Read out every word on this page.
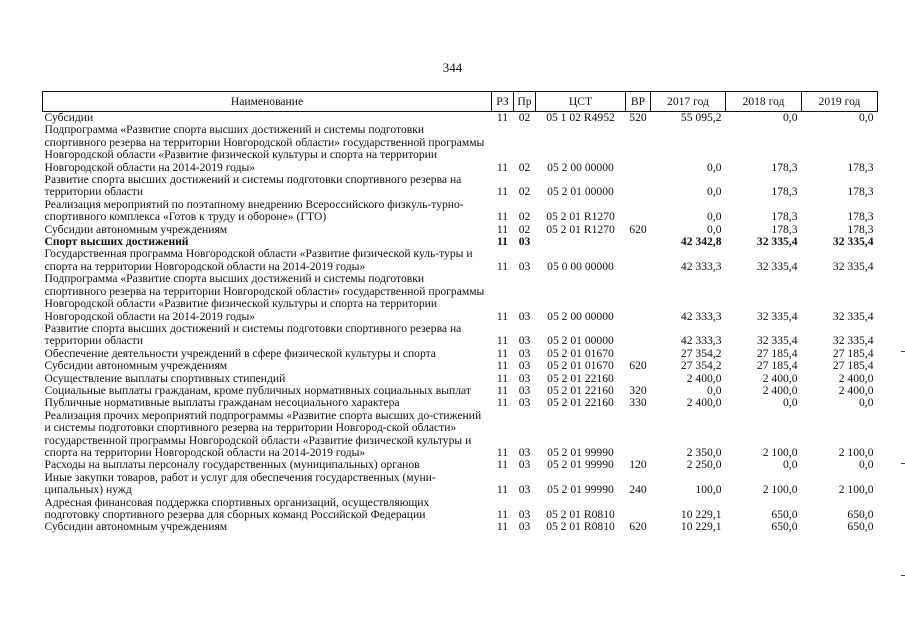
344
Наименование	РЗ	Пр	ЦСТ	ВР	2017 год	2018 год	2019 год
Субсидии	11	02	05 1 02 R4952	520	55 095,2	0,0	0,0
Подпрограмма «Развитие спорта высших достижений и системы подготовки спортивного резерва на территории Новгородской области» государственной программы Новгородской области «Развитие физической культуры и спорта на территории Новгородской области на 2014-2019 годы»	11	02	05 2 00 00000		0,0	178,3	178,3
Развитие спорта высших достижений и системы подготовки спортивного резерва на территории области	11	02	05 2 01 00000		0,0	178,3	178,3
Реализация мероприятий по поэтапному внедрению Всероссийского физкуль-турно-спортивного комплекса «Готов к труду и обороне» (ГТО)	11	02	05 2 01 R1270		0,0	178,3	178,3
Субсидии автономным учреждениям	11	02	05 2 01 R1270	620	0,0	178,3	178,3
Спорт высших достижений	11	03			42 342,8	32 335,4	32 335,4
Государственная программа Новгородской области «Развитие физической куль-туры и спорта на территории Новгородской области на 2014-2019 годы»	11	03	05 0 00 00000		42 333,3	32 335,4	32 335,4
Подпрограмма «Развитие спорта высших достижений и системы подготовки спортивного резерва на территории Новгородской области» государственной программы Новгородской области «Развитие физической культуры и спорта на территории Новгородской области на 2014-2019 годы»	11	03	05 2 00 00000		42 333,3	32 335,4	32 335,4
Развитие спорта высших достижений и системы подготовки спортивного резерва на территории области	11	03	05 2 01 00000		42 333,3	32 335,4	32 335,4
Обеспечение деятельности учреждений в сфере физической культуры и спорта	11	03	05 2 01 01670		27 354,2	27 185,4	27 185,4
Субсидии автономным учреждениям	11	03	05 2 01 01670	620	27 354,2	27 185,4	27 185,4
Осуществление выплаты спортивных стипендий	11	03	05 2 01 22160		2 400,0	2 400,0	2 400,0
Социальные выплаты гражданам, кроме публичных нормативных социальных выплат	11	03	05 2 01 22160	320	0,0	2 400,0	2 400,0
Публичные нормативные выплаты гражданам несоциального характера	11	03	05 2 01 22160	330	2 400,0	0,0	0,0
Реализация прочих мероприятий подпрограммы «Развитие спорта высших до-стижений и системы подготовки спортивного резерва на территории Новгород-ской области» государственной программы Новгородской области «Развитие физической культуры и спорта на территории Новгородской области на 2014-2019 годы»	11	03	05 2 01 99990		2 350,0	2 100,0	2 100,0
Расходы на выплаты персоналу государственных (муниципальных) органов	11	03	05 2 01 99990	120	2 250,0	0,0	0,0
Иные закупки товаров, работ и услуг для обеспечения государственных (муни-ципальных) нужд	11	03	05 2 01 99990	240	100,0	2 100,0	2 100,0
Адресная финансовая поддержка спортивных организаций, осуществляющих подготовку спортивного резерва для сборных команд Российской Федерации	11	03	05 2 01 R0810		10 229,1	650,0	650,0
Субсидии автономным учреждениям	11	03	05 2 01 R0810	620	10 229,1	650,0	650,0
